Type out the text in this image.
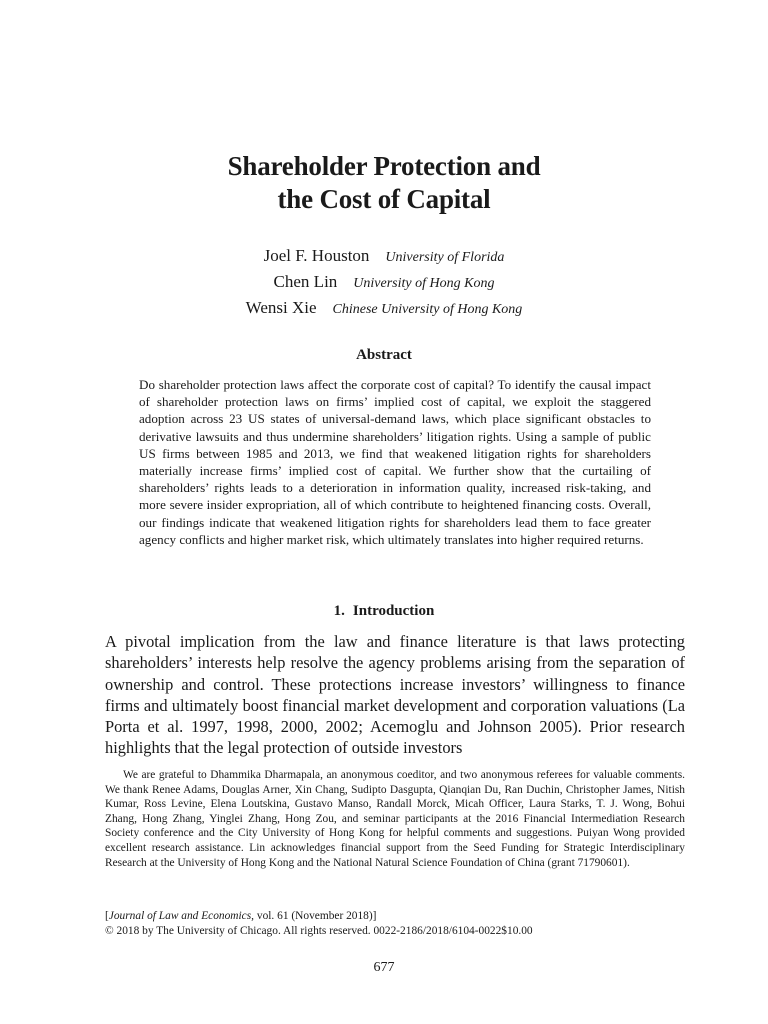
Shareholder Protection and
the Cost of Capital
Joel F. Houston University of Florida
Chen Lin University of Hong Kong
Wensi Xie Chinese University of Hong Kong
Abstract

Do shareholder protection laws affect the corporate cost of capital? To identify the causal impact of shareholder protection laws on firms’ implied cost of capital, we exploit the staggered adoption across 23 US states of universal-demand laws, which place significant obstacles to derivative lawsuits and thus undermine shareholders’ litigation rights. Using a sample of public US firms between 1985 and 2013, we find that weakened litigation rights for shareholders materially increase firms’ implied cost of capital. We further show that the curtailing of shareholders’ rights leads to a deterioration in information quality, increased risk-taking, and more severe insider expropriation, all of which contribute to heightened financing costs. Overall, our findings indicate that weakened litigation rights for shareholders lead them to face greater agency conflicts and higher market risk, which ultimately translates into higher required returns.

1. Introduction

A pivotal implication from the law and finance literature is that laws protecting shareholders’ interests help resolve the agency problems arising from the separation of ownership and control. These protections increase investors’ willingness to finance firms and ultimately boost financial market development and corporation valuations (La Porta et al. 1997, 1998, 2000, 2002; Acemoglu and Johnson 2005). Prior research highlights that the legal protection of outside investors

We are grateful to Dhammika Dharmapala, an anonymous coeditor, and two anonymous referees for valuable comments. We thank Renee Adams, Douglas Arner, Xin Chang, Sudipto Dasgupta, Qianqian Du, Ran Duchin, Christopher James, Nitish Kumar, Ross Levine, Elena Loutskina, Gustavo Manso, Randall Morck, Micah Officer, Laura Starks, T. J. Wong, Bohui Zhang, Hong Zhang, Yinglei Zhang, Hong Zou, and seminar participants at the 2016 Financial Intermediation Research Society conference and the City University of Hong Kong for helpful comments and suggestions. Puiyan Wong provided excellent research assistance. Lin acknowledges financial support from the Seed Funding for Strategic Interdisciplinary Research at the University of Hong Kong and the National Natural Science Foundation of China (grant 71790601).

[Journal of Law and Economics, vol. 61 (November 2018)]
© 2018 by The University of Chicago. All rights reserved. 0022-2186/2018/6104-0022$10.00
677
